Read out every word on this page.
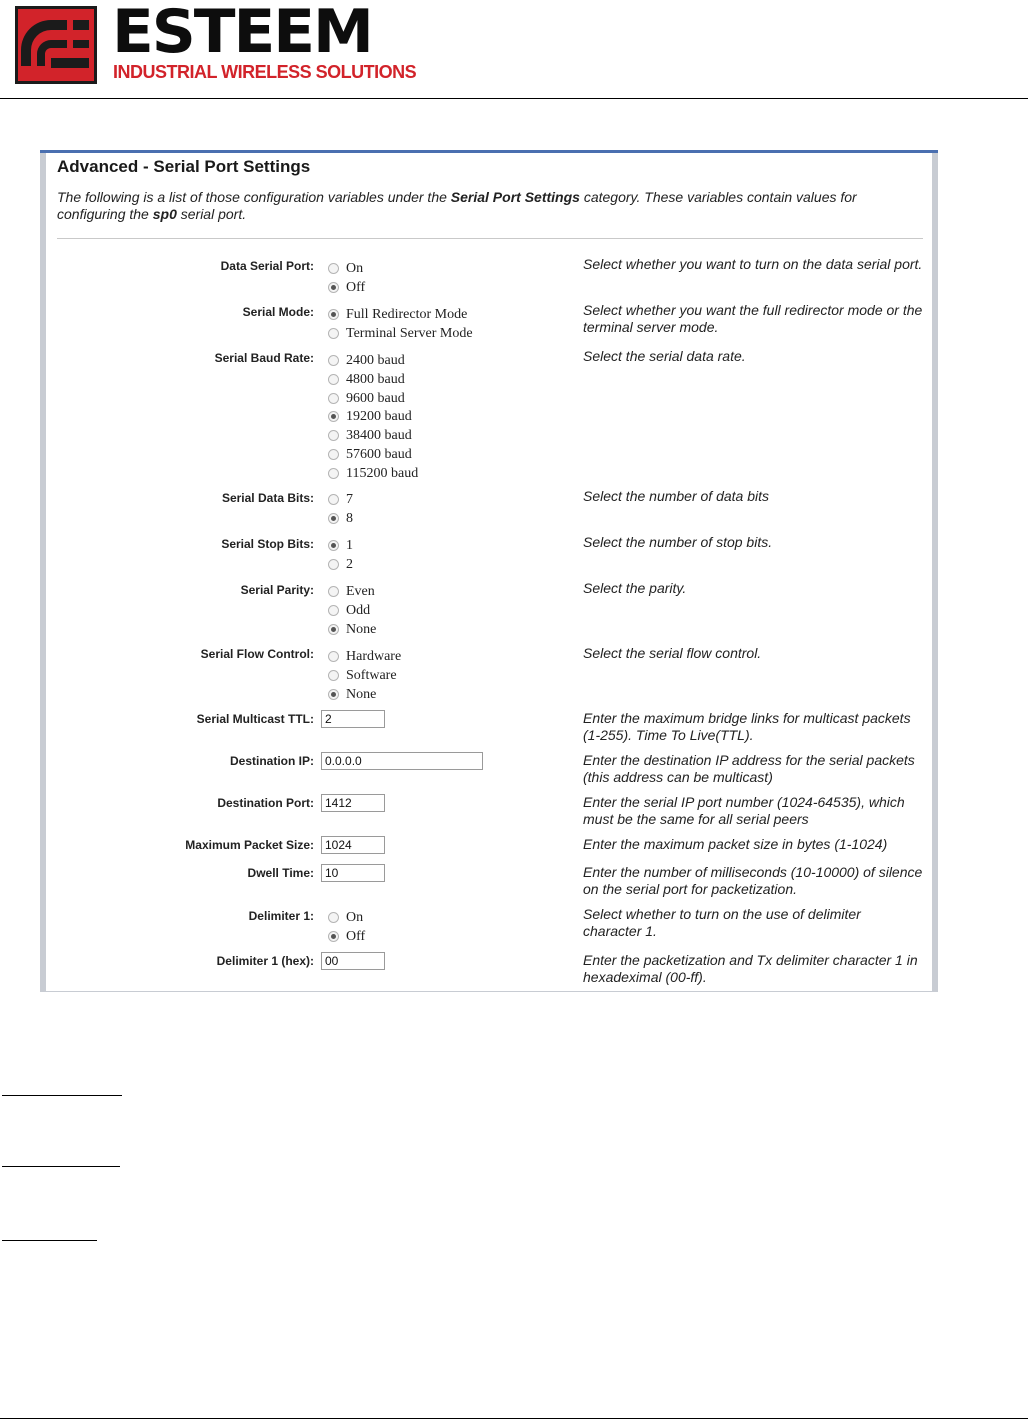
ESTEEM
INDUSTRIAL WIRELESS SOLUTIONS
Advanced - Serial Port Settings
The following is a list of those configuration variables under the Serial Port Settings category. These variables contain values for configuring the sp0 serial port.
Data Serial Port: On
Off
Select whether you want to turn on the data serial port.
Serial Mode: Full Redirector Mode
Terminal Server Mode
Select whether you want the full redirector mode or the terminal server mode.
Serial Baud Rate: 2400 baud
4800 baud
9600 baud
19200 baud
38400 baud
57600 baud
115200 baud
Select the serial data rate.
Serial Data Bits: 7
8
Select the number of data bits
Serial Stop Bits: 1
2
Select the number of stop bits.
Serial Parity: Even
Odd
None
Select the parity.
Serial Flow Control: Hardware
Software
None
Select the serial flow control.
Serial Multicast TTL:
2	Enter the maximum bridge links for multicast packets (1-255). Time To Live(TTL).
Destination IP:
0.0.0.0	Enter the destination IP address for the serial packets (this address can be multicast)
Destination Port:
1412	Enter the serial IP port number (1024-64535), which must be the same for all serial peers
Maximum Packet Size:
1024	Enter the maximum packet size in bytes (1-1024)
Dwell Time:
10	Enter the number of milliseconds (10-10000) of silence on the serial port for packetization.
Delimiter 1: On
Off
Select whether to turn on the use of delimiter character 1.
Delimiter 1 (hex):
00	Enter the packetization and Tx delimiter character 1 in hexadeximal (00-ff).
